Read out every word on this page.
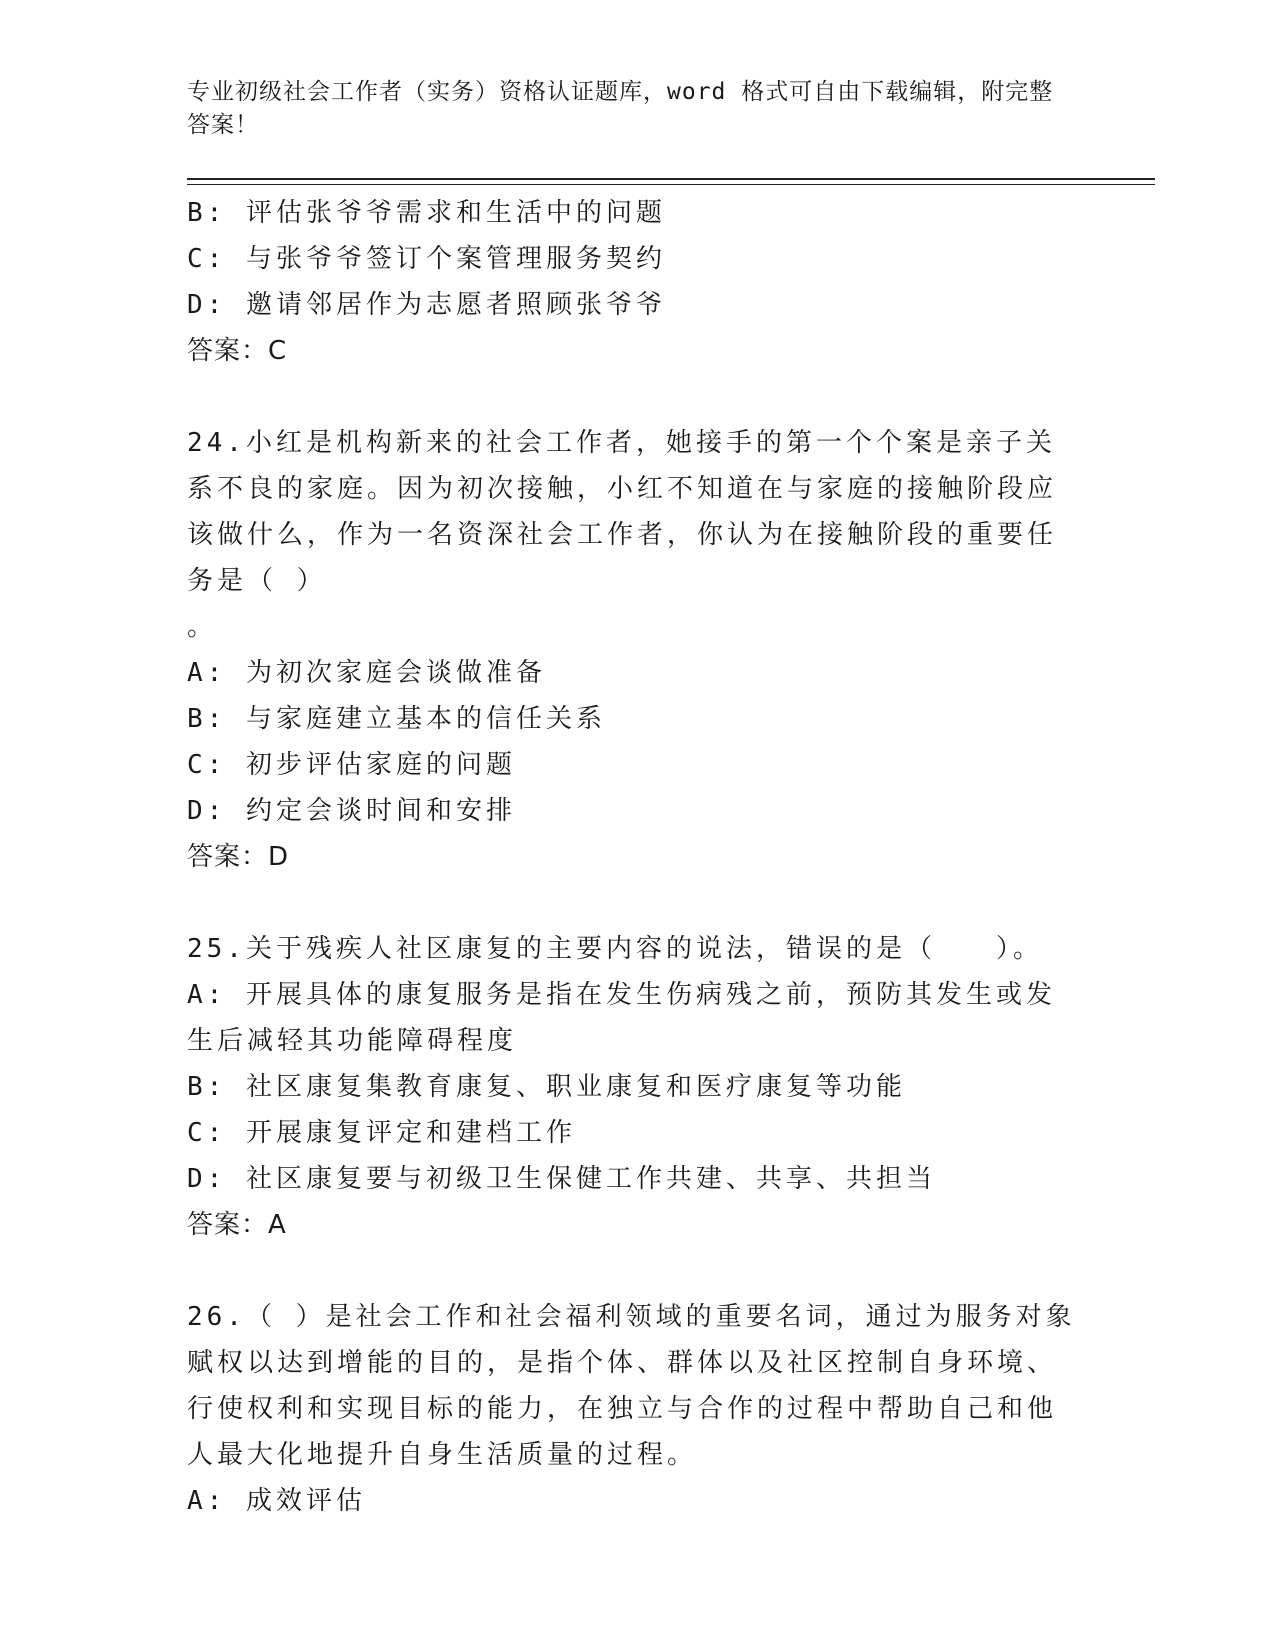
专业初级社会工作者（实务）资格认证题库，word 格式可自由下载编辑，附完整答案！

B: 评估张爷爷需求和生活中的问题

C: 与张爷爷签订个案管理服务契约

D: 邀请邻居作为志愿者照顾张爷爷

答案：C

24.小红是机构新来的社会工作者，她接手的第一个个案是亲子关系不良的家庭。因为初次接触，小红不知道在与家庭的接触阶段应该做什么，作为一名资深社会工作者，你认为在接触阶段的重要任务是（ ）

。

A: 为初次家庭会谈做准备

B: 与家庭建立基本的信任关系

C: 初步评估家庭的问题

D: 约定会谈时间和安排

答案：D

25.关于残疾人社区康复的主要内容的说法，错误的是（　　）。

A: 开展具体的康复服务是指在发生伤病残之前，预防其发生或发生后减轻其功能障碍程度

B: 社区康复集教育康复、职业康复和医疗康复等功能

C: 开展康复评定和建档工作

D: 社区康复要与初级卫生保健工作共建、共享、共担当

答案：A

26.（ ）是社会工作和社会福利领域的重要名词，通过为服务对象赋权以达到增能的目的，是指个体、群体以及社区控制自身环境、行使权利和实现目标的能力，在独立与合作的过程中帮助自己和他人最大化地提升自身生活质量的过程。

A: 成效评估
